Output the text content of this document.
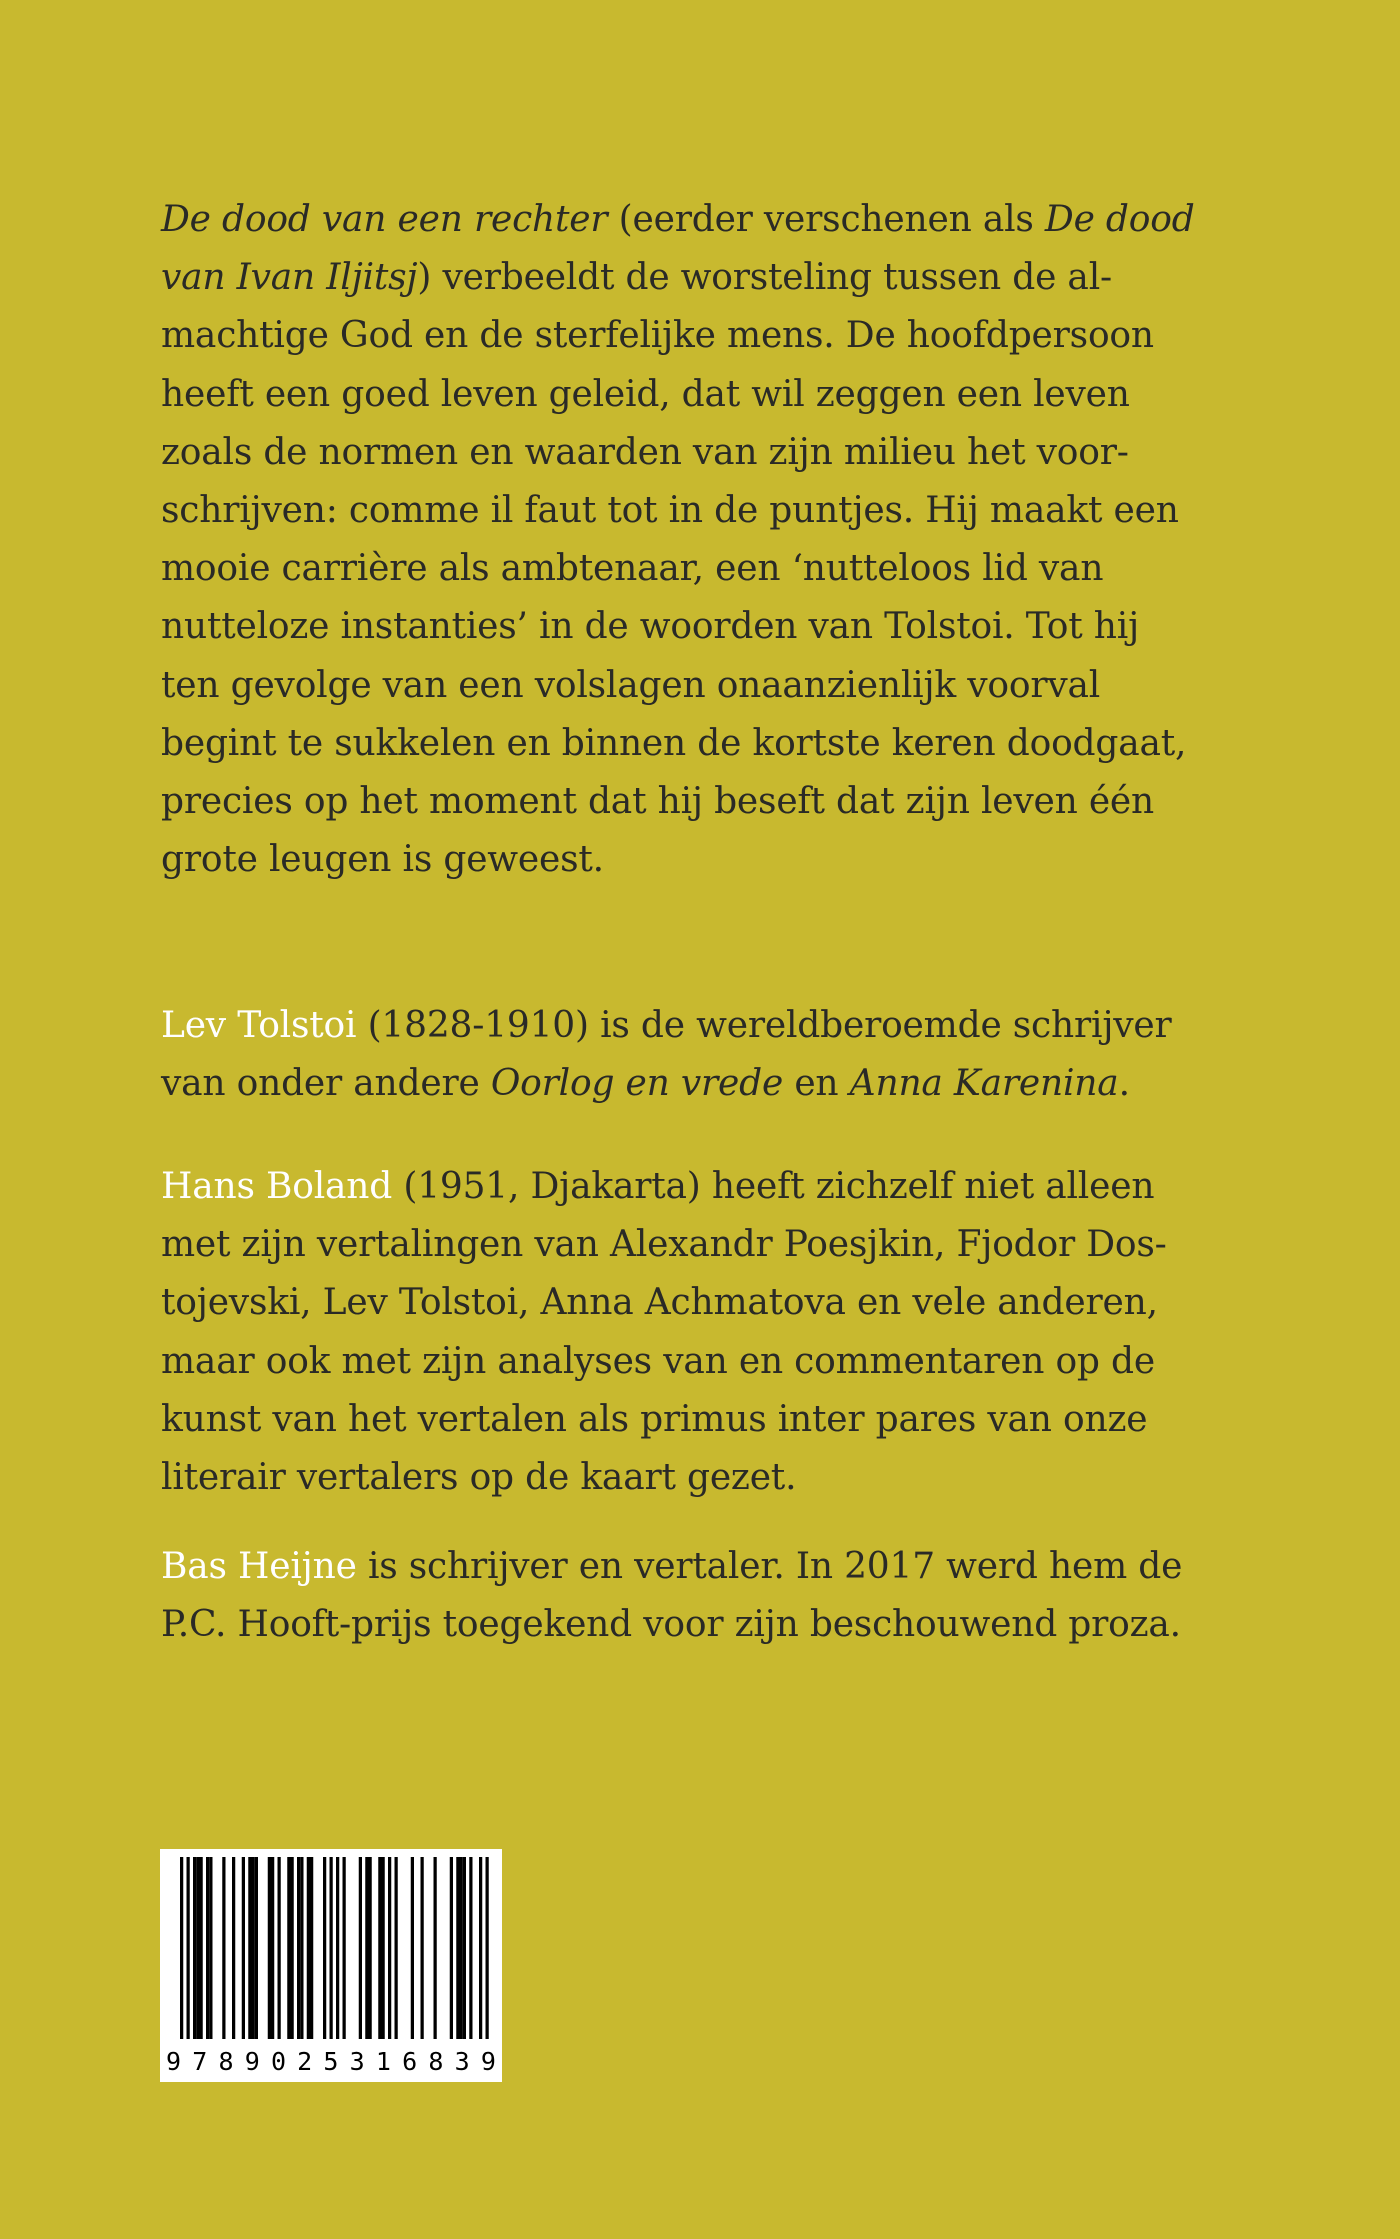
De dood van een rechter (eerder verschenen als De dood
van Ivan Iljitsj) verbeeldt de worsteling tussen de al-
machtige God en de sterfelijke mens. De hoofdpersoon
heeft een goed leven geleid, dat wil zeggen een leven
zoals de normen en waarden van zijn milieu het voor-
schrijven: comme il faut tot in de puntjes. Hij maakt een
mooie carrière als ambtenaar, een ‘nutteloos lid van
nutteloze instanties’ in de woorden van Tolstoi. Tot hij
ten gevolge van een volslagen onaanzienlijk voorval
begint te sukkelen en binnen de kortste keren doodgaat,
precies op het moment dat hij beseft dat zijn leven één
grote leugen is geweest.
Lev Tolstoi (1828-1910) is de wereldberoemde schrijver
van onder andere Oorlog en vrede en Anna Karenina.
Hans Boland (1951, Djakarta) heeft zichzelf niet alleen
met zijn vertalingen van Alexandr Poesjkin, Fjodor Dos-
tojevski, Lev Tolstoi, Anna Achmatova en vele anderen,
maar ook met zijn analyses van en commentaren op de
kunst van het vertalen als primus inter pares van onze
literair vertalers op de kaart gezet.
Bas Heijne is schrijver en vertaler. In 2017 werd hem de
P.C. Hooft-prijs toegekend voor zijn beschouwend proza.
9 7 8 9 0 2 5 3 1 6 8 3 9
